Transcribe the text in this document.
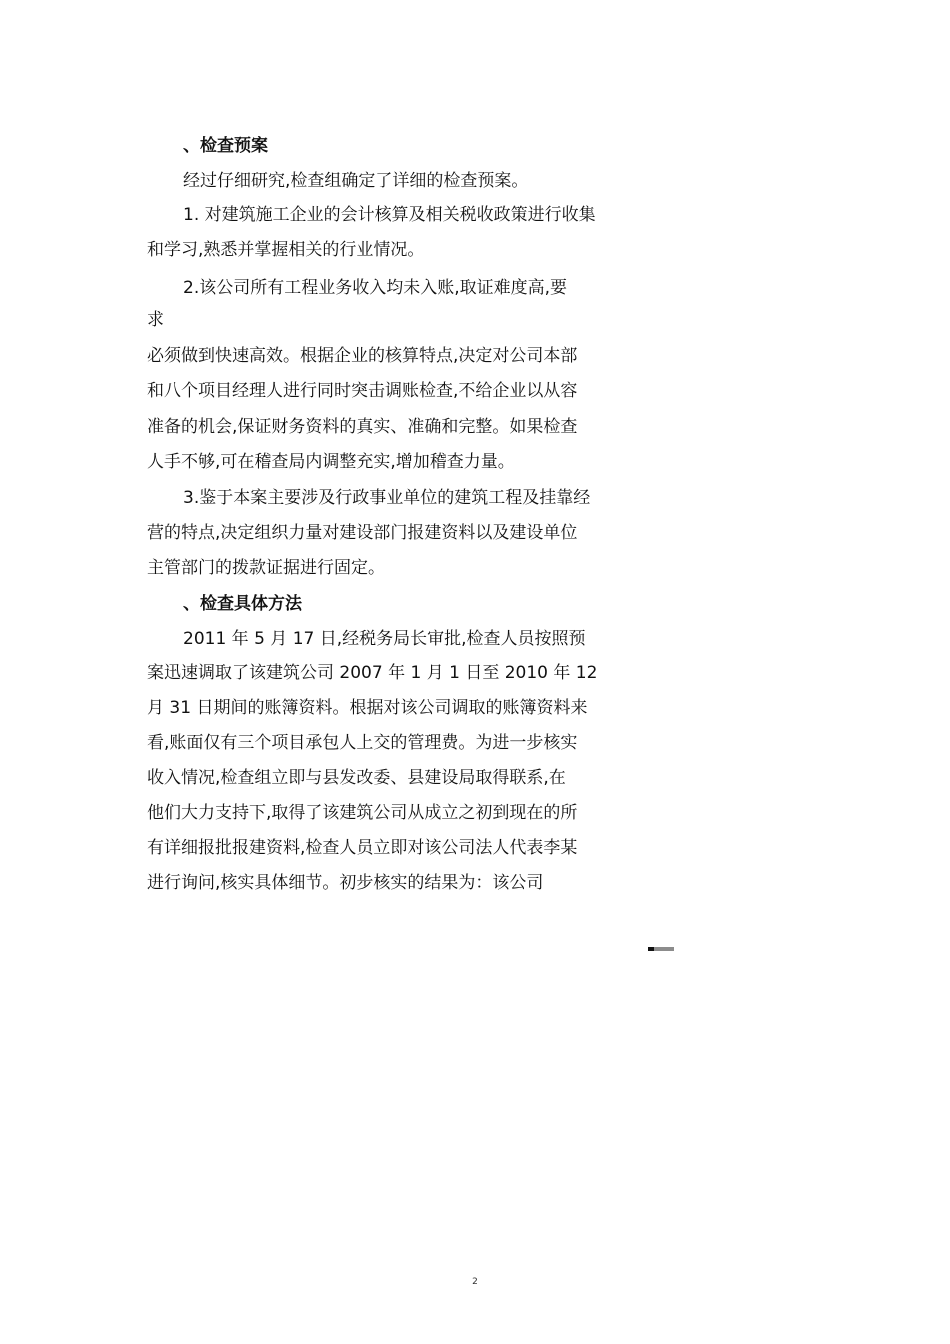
、检查预案
经过仔细研究,检查组确定了详细的检查预案。
1. 对建筑施工企业的会计核算及相关税收政策进行收集
和学习,熟悉并掌握相关的行业情况。
2.该公司所有工程业务收入均未入账,取证难度高,要
求
必须做到快速高效。根据企业的核算特点,决定对公司本部
和八个项目经理人进行同时突击调账检查,不给企业以从容
准备的机会,保证财务资料的真实、准确和完整。如果检查
人手不够,可在稽查局内调整充实,增加稽查力量。
3.鉴于本案主要涉及行政事业单位的建筑工程及挂靠经
营的特点,决定组织力量对建设部门报建资料以及建设单位
主管部门的拨款证据进行固定。
、检查具体方法
2011 年 5 月 17 日,经税务局长审批,检查人员按照预
案迅速调取了该建筑公司 2007 年 1 月 1 日至 2010 年 12
月 31 日期间的账簿资料。根据对该公司调取的账簿资料来
看,账面仅有三个项目承包人上交的管理费。为进一步核实
收入情况,检查组立即与县发改委、县建设局取得联系,在
他们大力支持下,取得了该建筑公司从成立之初到现在的所
有详细报批报建资料,检查人员立即对该公司法人代表李某
进行询问,核实具体细节。初步核实的结果为：该公司
2
